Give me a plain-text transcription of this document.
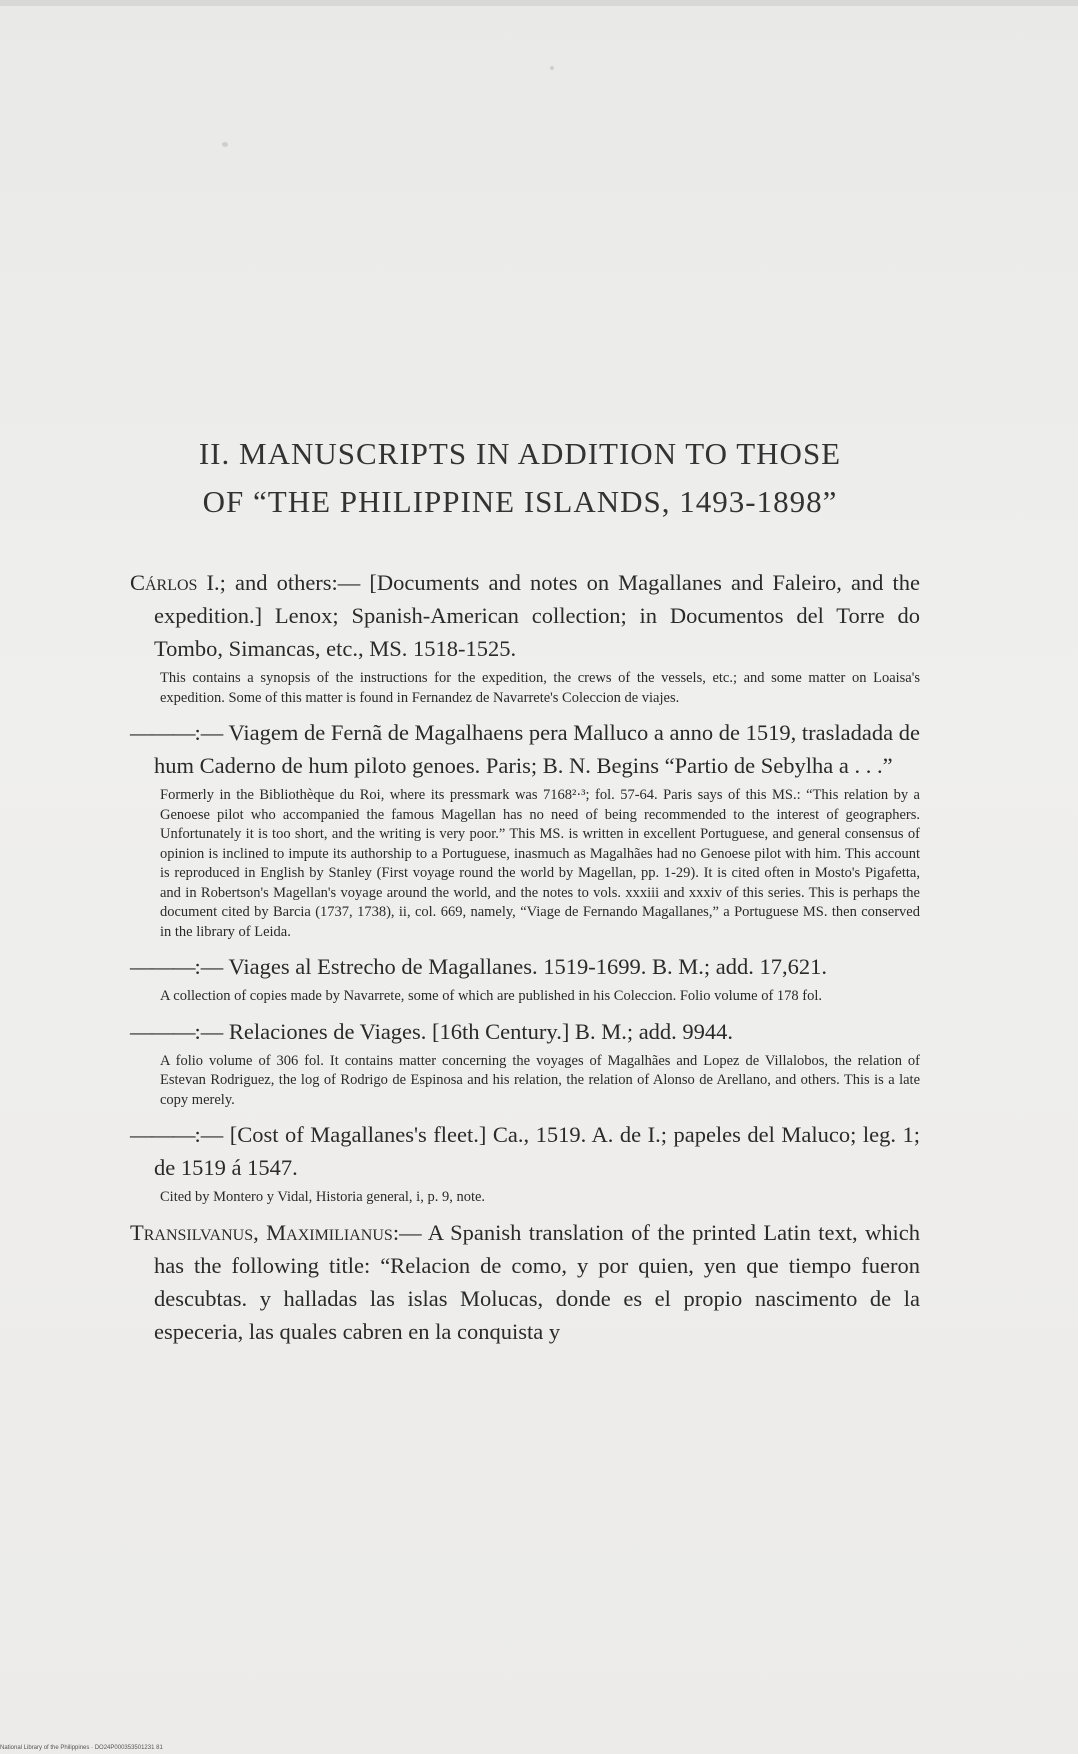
II. MANUSCRIPTS IN ADDITION TO THOSE
OF “THE PHILIPPINE ISLANDS, 1493-1898”

Cárlos I.; and others:— [Documents and notes on Magallanes and Faleiro, and the expedition.] Lenox; Spanish-American collection; in Documentos del Torre do Tombo, Simancas, etc., MS. 1518-1525.

This contains a synopsis of the instructions for the expedition, the crews of the vessels, etc.; and some matter on Loaisa's expedition. Some of this matter is found in Fernandez de Navarrete's Coleccion de viajes.

———:— Viagem de Fernã de Magalhaens pera Malluco a anno de 1519, trasladada de hum Caderno de hum piloto genoes. Paris; B. N. Begins “Partio de Sebylha a . . .”

Formerly in the Bibliothèque du Roi, where its pressmark was 7168²·³; fol. 57-64. Paris says of this MS.: “This relation by a Genoese pilot who accompanied the famous Magellan has no need of being recommended to the interest of geographers. Unfortunately it is too short, and the writing is very poor.” This MS. is written in excellent Portuguese, and general consensus of opinion is inclined to impute its authorship to a Portuguese, inasmuch as Magalhães had no Genoese pilot with him. This account is reproduced in English by Stanley (First voyage round the world by Magellan, pp. 1-29). It is cited often in Mosto's Pigafetta, and in Robertson's Magellan's voyage around the world, and the notes to vols. xxxiii and xxxiv of this series. This is perhaps the document cited by Barcia (1737, 1738), ii, col. 669, namely, “Viage de Fernando Magallanes,” a Portuguese MS. then conserved in the library of Leida.

———:— Viages al Estrecho de Magallanes. 1519-1699. B. M.; add. 17,621.

A collection of copies made by Navarrete, some of which are published in his Coleccion. Folio volume of 178 fol.

———:— Relaciones de Viages. [16th Century.] B. M.; add. 9944.

A folio volume of 306 fol. It contains matter concerning the voyages of Magalhães and Lopez de Villalobos, the relation of Estevan Rodriguez, the log of Rodrigo de Espinosa and his relation, the relation of Alonso de Arellano, and others. This is a late copy merely.

———:— [Cost of Magallanes's fleet.] Ca., 1519. A. de I.; papeles del Maluco; leg. 1; de 1519 á 1547.

Cited by Montero y Vidal, Historia general, i, p. 9, note.

Transilvanus, Maximilianus:— A Spanish translation of the printed Latin text, which has the following title: “Relacion de como, y por quien, yen que tiempo fueron descubtas. y halladas las islas Molucas, donde es el propio nascimento de la especeria, las quales cabren en la conquista y

National Library of the Philippines · DO24P000353501231 81
